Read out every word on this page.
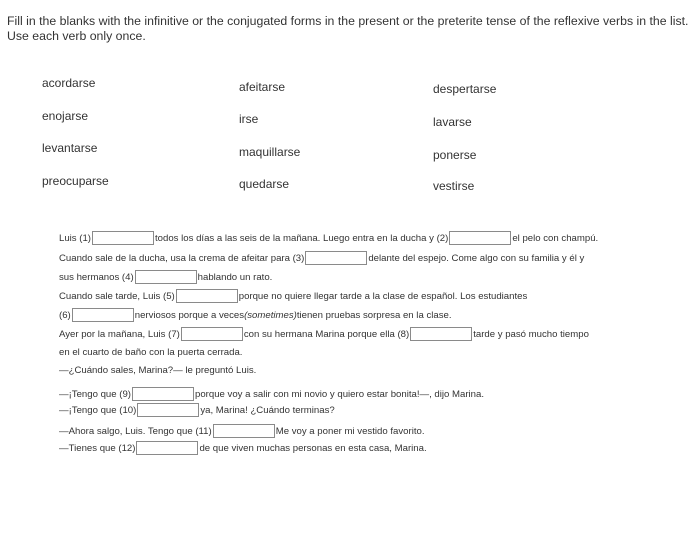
Fill in the blanks with the infinitive or the conjugated forms in the present or the preterite tense of the reflexive verbs in the list.
Use each verb only once.
acordarse	afeitarse	despertarse
enojarse	irse	lavarse
levantarse	maquillarse	ponerse
preocuparse	quedarse	vestirse
Luis (1)	todos los días a las seis de la mañana. Luego entra en la ducha y (2)	el pelo con champú.
Cuando sale de la ducha, usa la crema de afeitar para (3)	delante del espejo. Come algo con su familia y él y
sus hermanos (4)	hablando un rato.
Cuando sale tarde, Luis (5)	porque no quiere llegar tarde a la clase de español. Los estudiantes
(6)	nerviosos porque a veces (sometimes) tienen pruebas sorpresa en la clase.
Ayer por la mañana, Luis (7)	con su hermana Marina porque ella (8)	tarde y pasó mucho tiempo
en el cuarto de baño con la puerta cerrada.
—¿Cuándo sales, Marina?— le preguntó Luis.
—¡Tengo que (9)	porque voy a salir con mi novio y quiero estar bonita!—, dijo Marina.
—¡Tengo que (10)	ya, Marina! ¿Cuándo terminas?
—Ahora salgo, Luis. Tengo que (11)	Me voy a poner mi vestido favorito.
—Tienes que (12)	de que viven muchas personas en esta casa, Marina.
